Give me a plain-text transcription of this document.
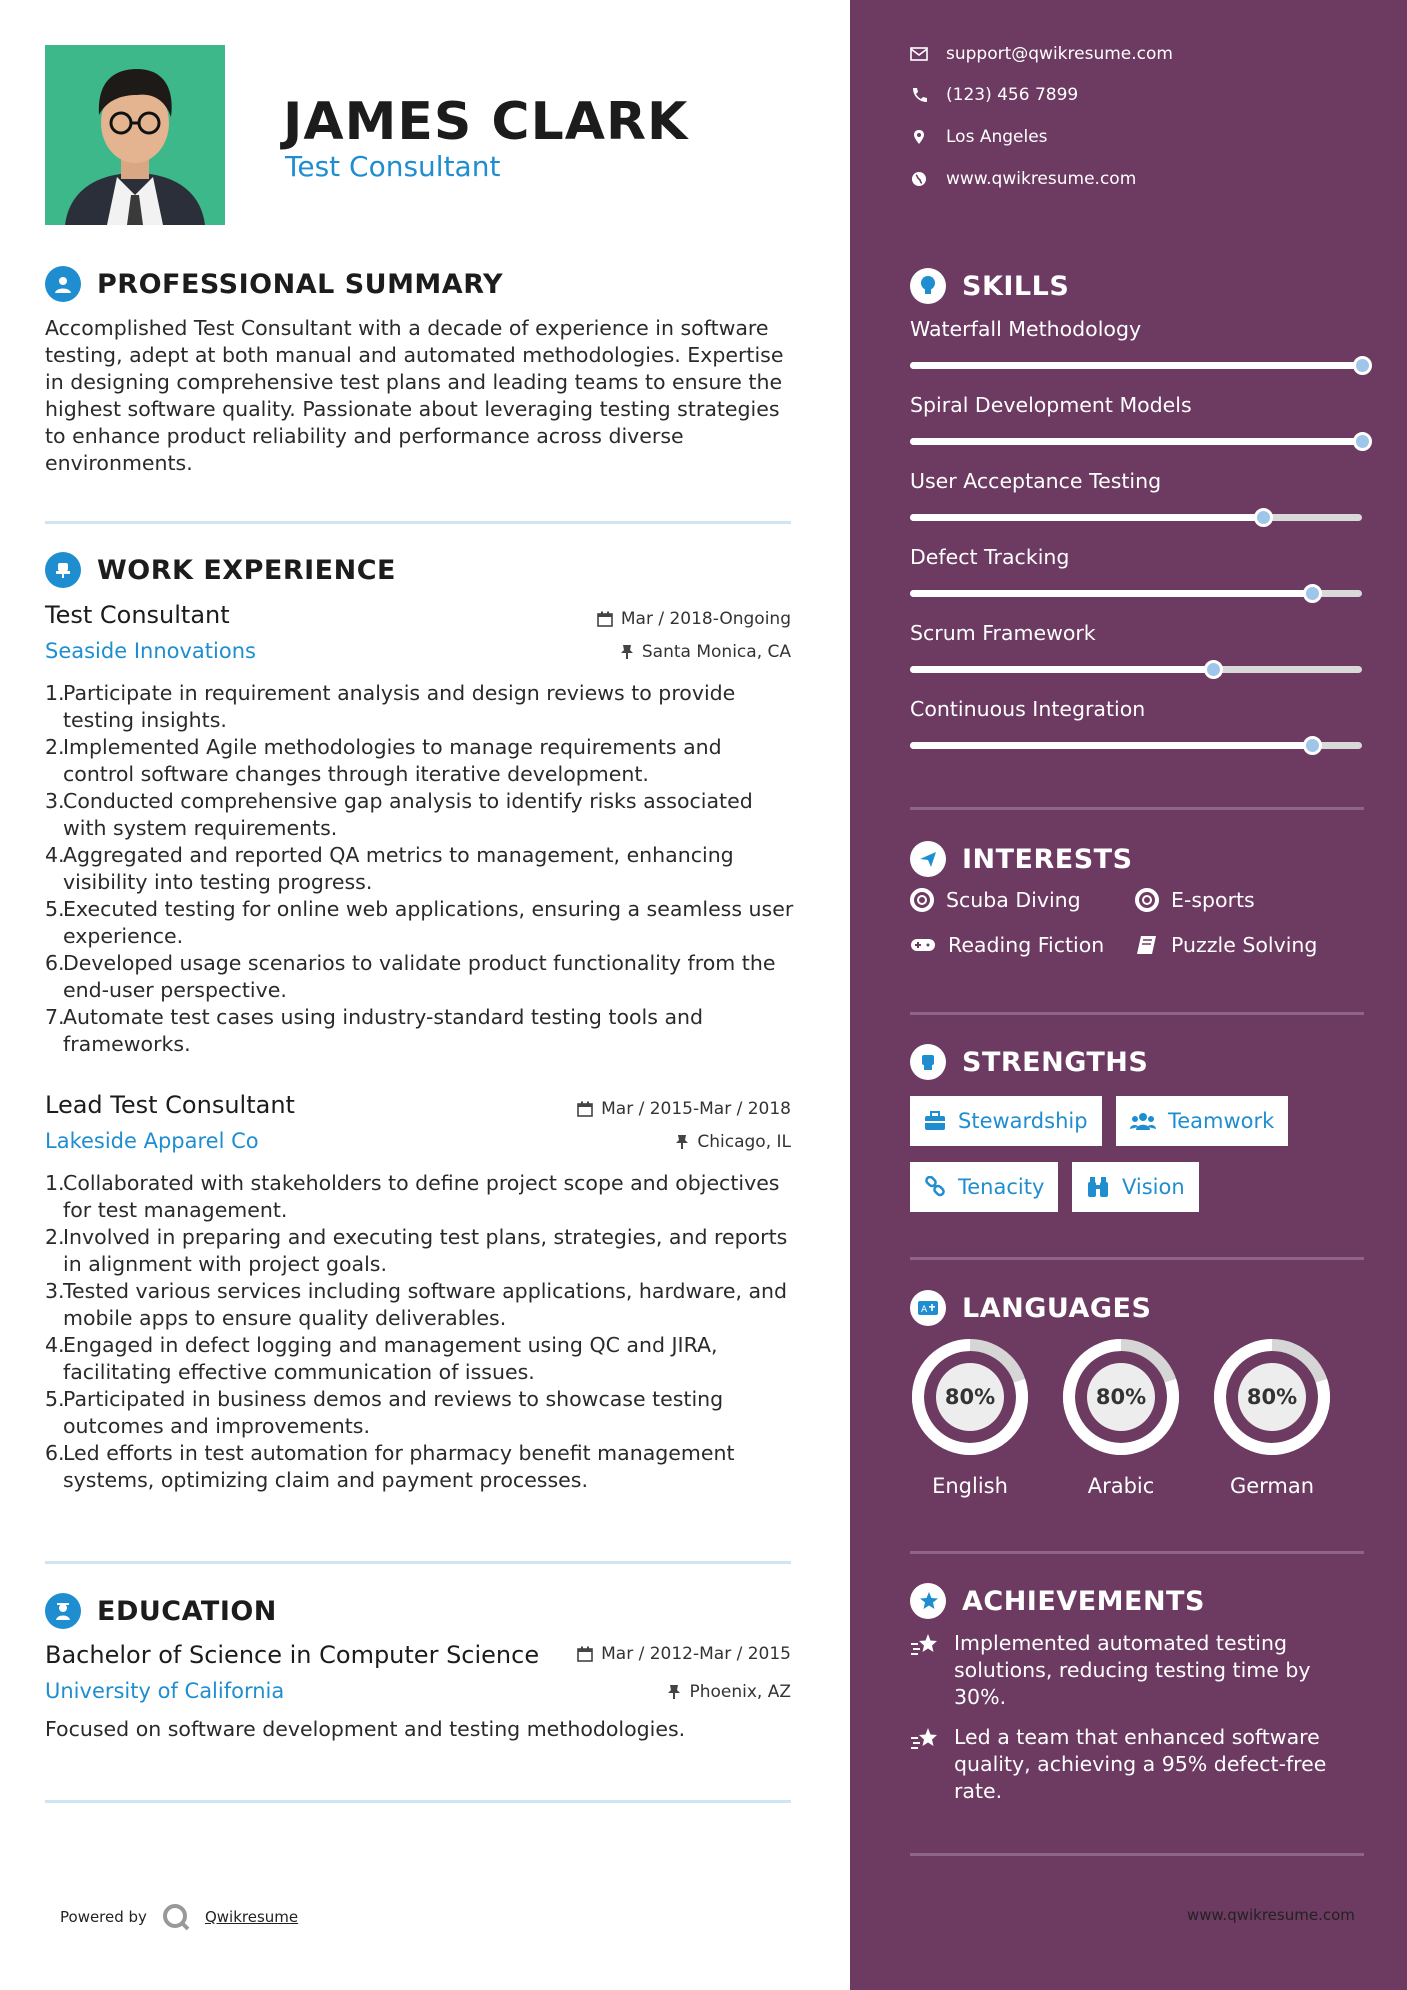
JAMES CLARK
Test Consultant
PROFESSIONAL SUMMARY
Accomplished Test Consultant with a decade of experience in software testing, adept at both manual and automated methodologies. Expertise in designing comprehensive test plans and leading teams to ensure the highest software quality. Passionate about leveraging testing strategies to enhance product reliability and performance across diverse environments.
WORK EXPERIENCE
Test Consultant	Mar / 2018-Ongoing
Seaside Innovations	Santa Monica, CA
1.
Participate in requirement analysis and design reviews to provide testing insights.
2.
Implemented Agile methodologies to manage requirements and control software changes through iterative development.
3.
Conducted comprehensive gap analysis to identify risks associated with system requirements.
4.
Aggregated and reported QA metrics to management, enhancing visibility into testing progress.
5.
Executed testing for online web applications, ensuring a seamless user experience.
6.
Developed usage scenarios to validate product functionality from the end-user perspective.
7.
Automate test cases using industry-standard testing tools and frameworks.
Lead Test Consultant	Mar / 2015-Mar / 2018
Lakeside Apparel Co	Chicago, IL
1.
Collaborated with stakeholders to define project scope and objectives for test management.
2.
Involved in preparing and executing test plans, strategies, and reports in alignment with project goals.
3.
Tested various services including software applications, hardware, and mobile apps to ensure quality deliverables.
4.
Engaged in defect logging and management using QC and JIRA, facilitating effective communication of issues.
5.
Participated in business demos and reviews to showcase testing outcomes and improvements.
6.
Led efforts in test automation for pharmacy benefit management systems, optimizing claim and payment processes.
EDUCATION
Bachelor of Science in Computer Science	Mar / 2012-Mar / 2015
University of California	Phoenix, AZ
Focused on software development and testing methodologies.
Powered by	Qwikresume	www.qwikresume.com
support@qwikresume.com
(123) 456 7899
Los Angeles
www.qwikresume.com
SKILLS
Waterfall Methodology
Spiral Development Models
User Acceptance Testing
Defect Tracking
Scrum Framework
Continuous Integration
INTERESTS
Scuba Diving	E-sports
Reading Fiction	Puzzle Solving
STRENGTHS
Stewardship	Teamwork
Tenacity	Vision
A LANGUAGES
80%
English
80%
Arabic
80%
German
ACHIEVEMENTS
Implemented automated testing solutions, reducing testing time by 30%.
Led a team that enhanced software quality, achieving a 95% defect-free rate.
